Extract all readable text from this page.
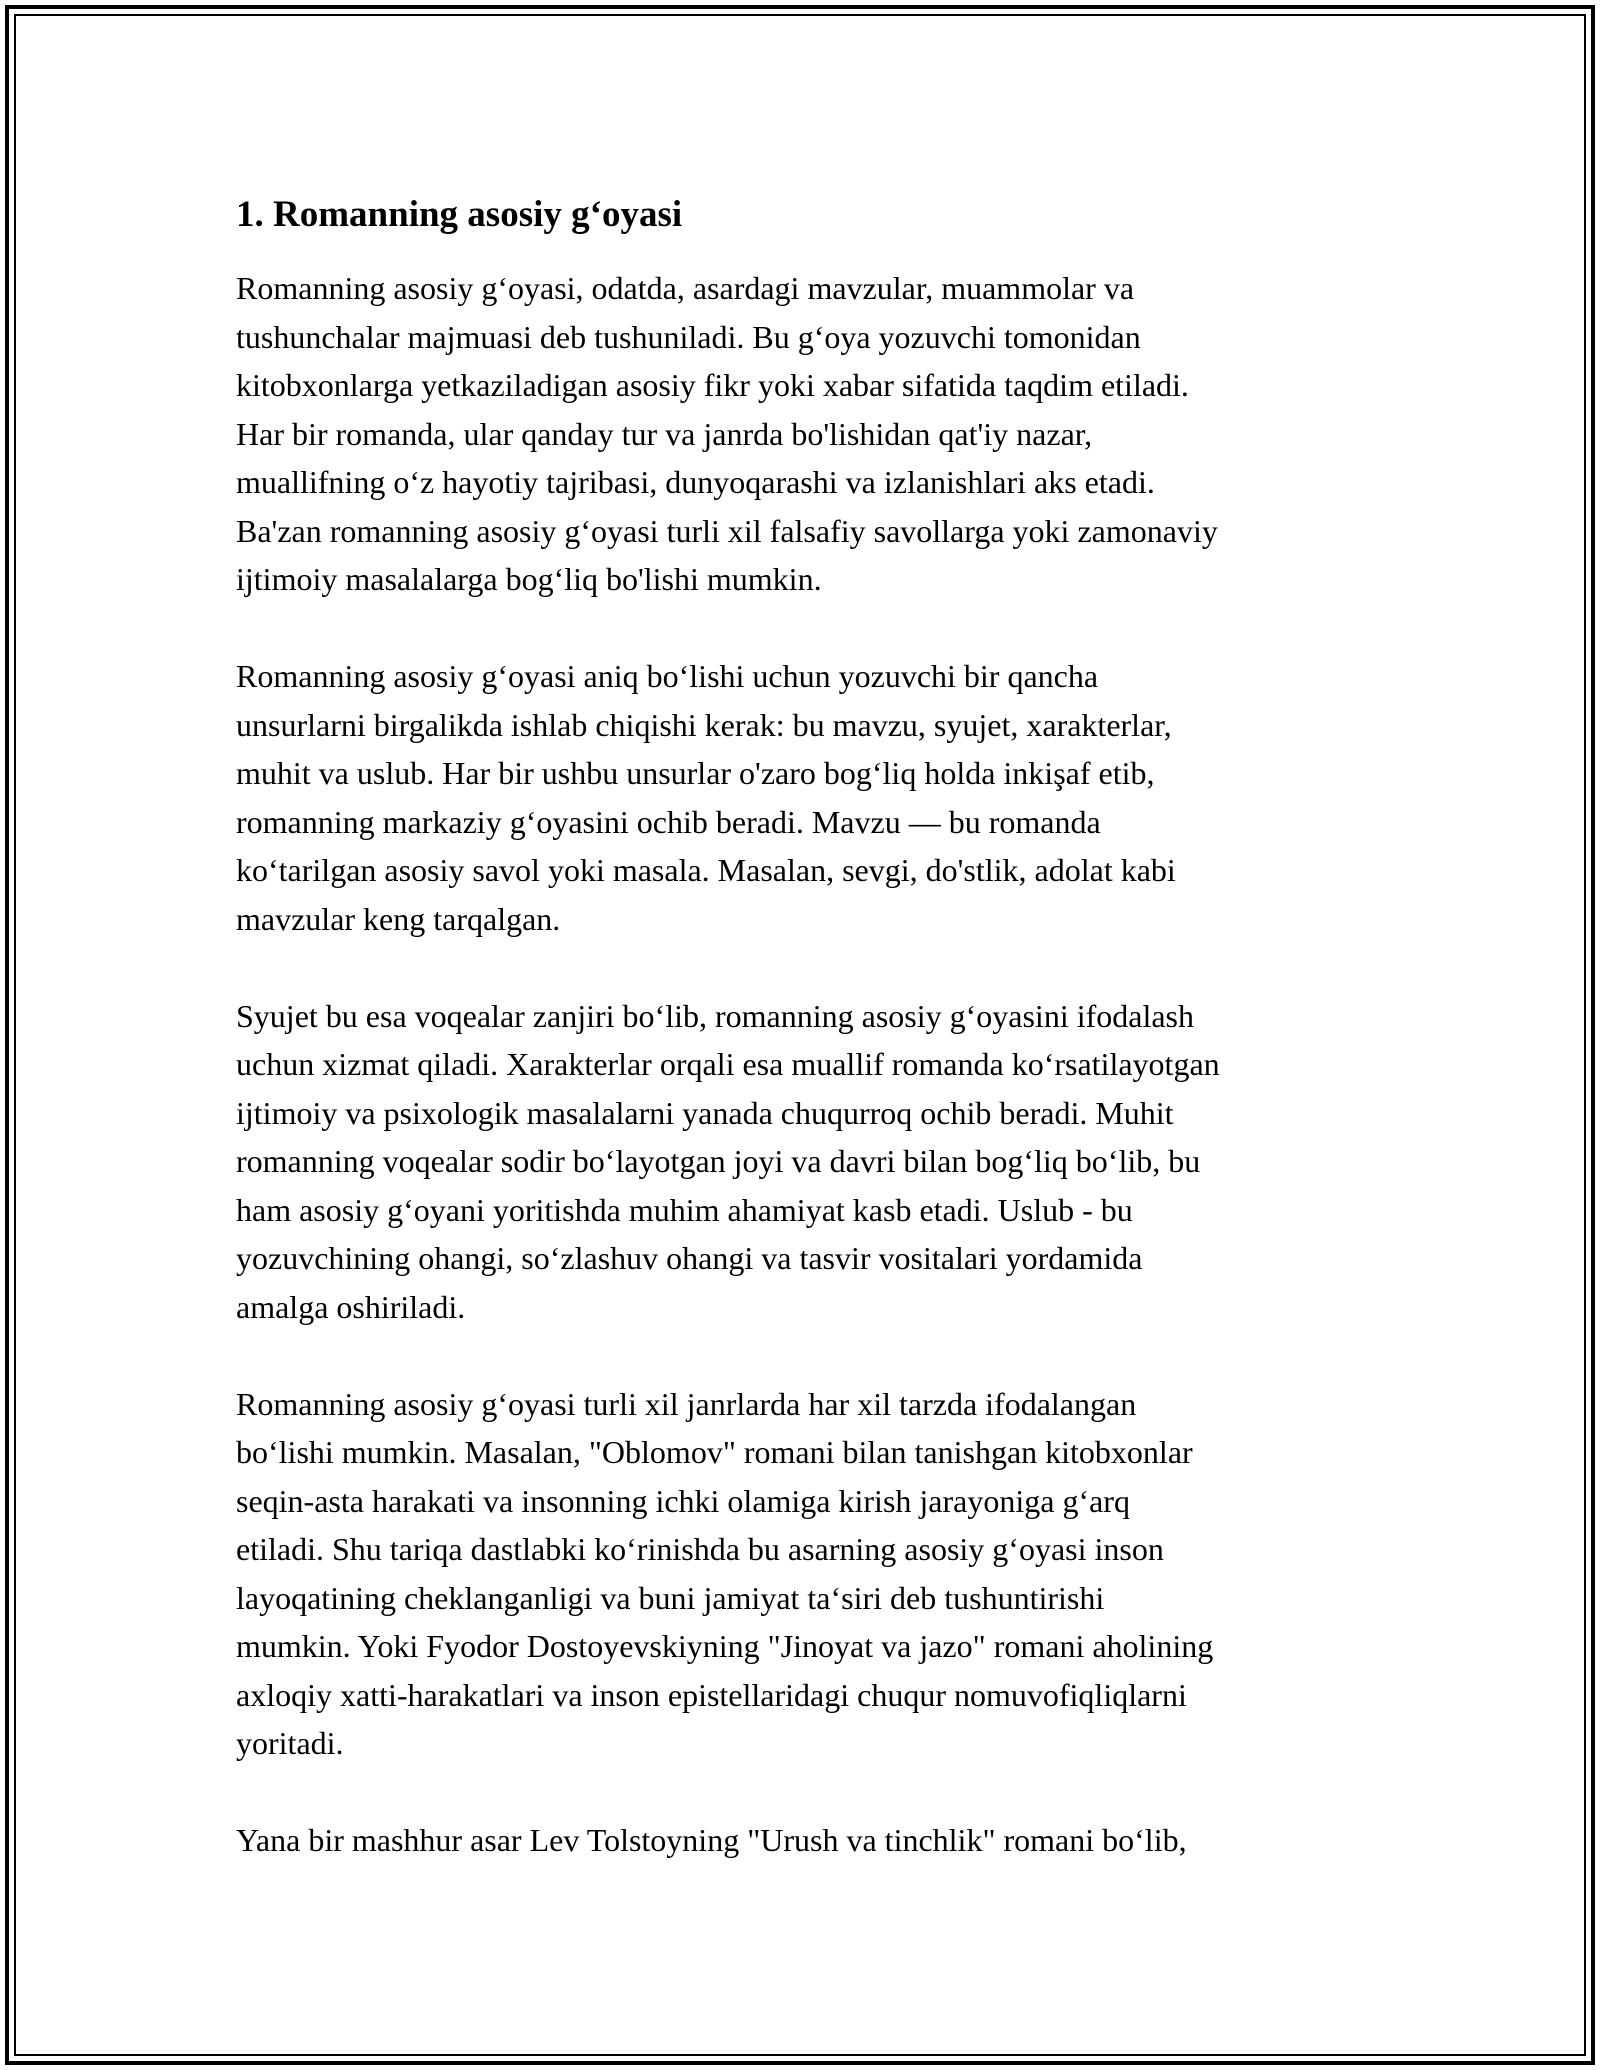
1. Romanning asosiy g‘oyasi

Romanning asosiy g‘oyasi, odatda, asardagi mavzular, muammolar va
tushunchalar majmuasi deb tushuniladi. Bu g‘oya yozuvchi tomonidan
kitobxonlarga yetkaziladigan asosiy fikr yoki xabar sifatida taqdim etiladi.
Har bir romanda, ular qanday tur va janrda bo'lishidan qat'iy nazar,
muallifning o‘z hayotiy tajribasi, dunyoqarashi va izlanishlari aks etadi.
Ba'zan romanning asosiy g‘oyasi turli xil falsafiy savollarga yoki zamonaviy
ijtimoiy masalalarga bog‘liq bo'lishi mumkin.

Romanning asosiy g‘oyasi aniq bo‘lishi uchun yozuvchi bir qancha
unsurlarni birgalikda ishlab chiqishi kerak: bu mavzu, syujet, xarakterlar,
muhit va uslub. Har bir ushbu unsurlar o'zaro bog‘liq holda inkişaf etib,
romanning markaziy g‘oyasini ochib beradi. Mavzu — bu romanda
ko‘tarilgan asosiy savol yoki masala. Masalan, sevgi, do'stlik, adolat kabi
mavzular keng tarqalgan.

Syujet bu esa voqealar zanjiri bo‘lib, romanning asosiy g‘oyasini ifodalash
uchun xizmat qiladi. Xarakterlar orqali esa muallif romanda ko‘rsatilayotgan
ijtimoiy va psixologik masalalarni yanada chuqurroq ochib beradi. Muhit
romanning voqealar sodir bo‘layotgan joyi va davri bilan bog‘liq bo‘lib, bu
ham asosiy g‘oyani yoritishda muhim ahamiyat kasb etadi. Uslub - bu
yozuvchining ohangi, so‘zlashuv ohangi va tasvir vositalari yordamida
amalga oshiriladi.

Romanning asosiy g‘oyasi turli xil janrlarda har xil tarzda ifodalangan
bo‘lishi mumkin. Masalan, "Oblomov" romani bilan tanishgan kitobxonlar
seqin-asta harakati va insonning ichki olamiga kirish jarayoniga g‘arq
etiladi. Shu tariqa dastlabki ko‘rinishda bu asarning asosiy g‘oyasi inson
layoqatining cheklanganligi va buni jamiyat ta‘siri deb tushuntirishi
mumkin. Yoki Fyodor Dostoyevskiyning "Jinoyat va jazo" romani aholining
axloqiy xatti-harakatlari va inson epistellaridagi chuqur nomuvofiqliqlarni
yoritadi.

Yana bir mashhur asar Lev Tolstoyning "Urush va tinchlik" romani bo‘lib,
